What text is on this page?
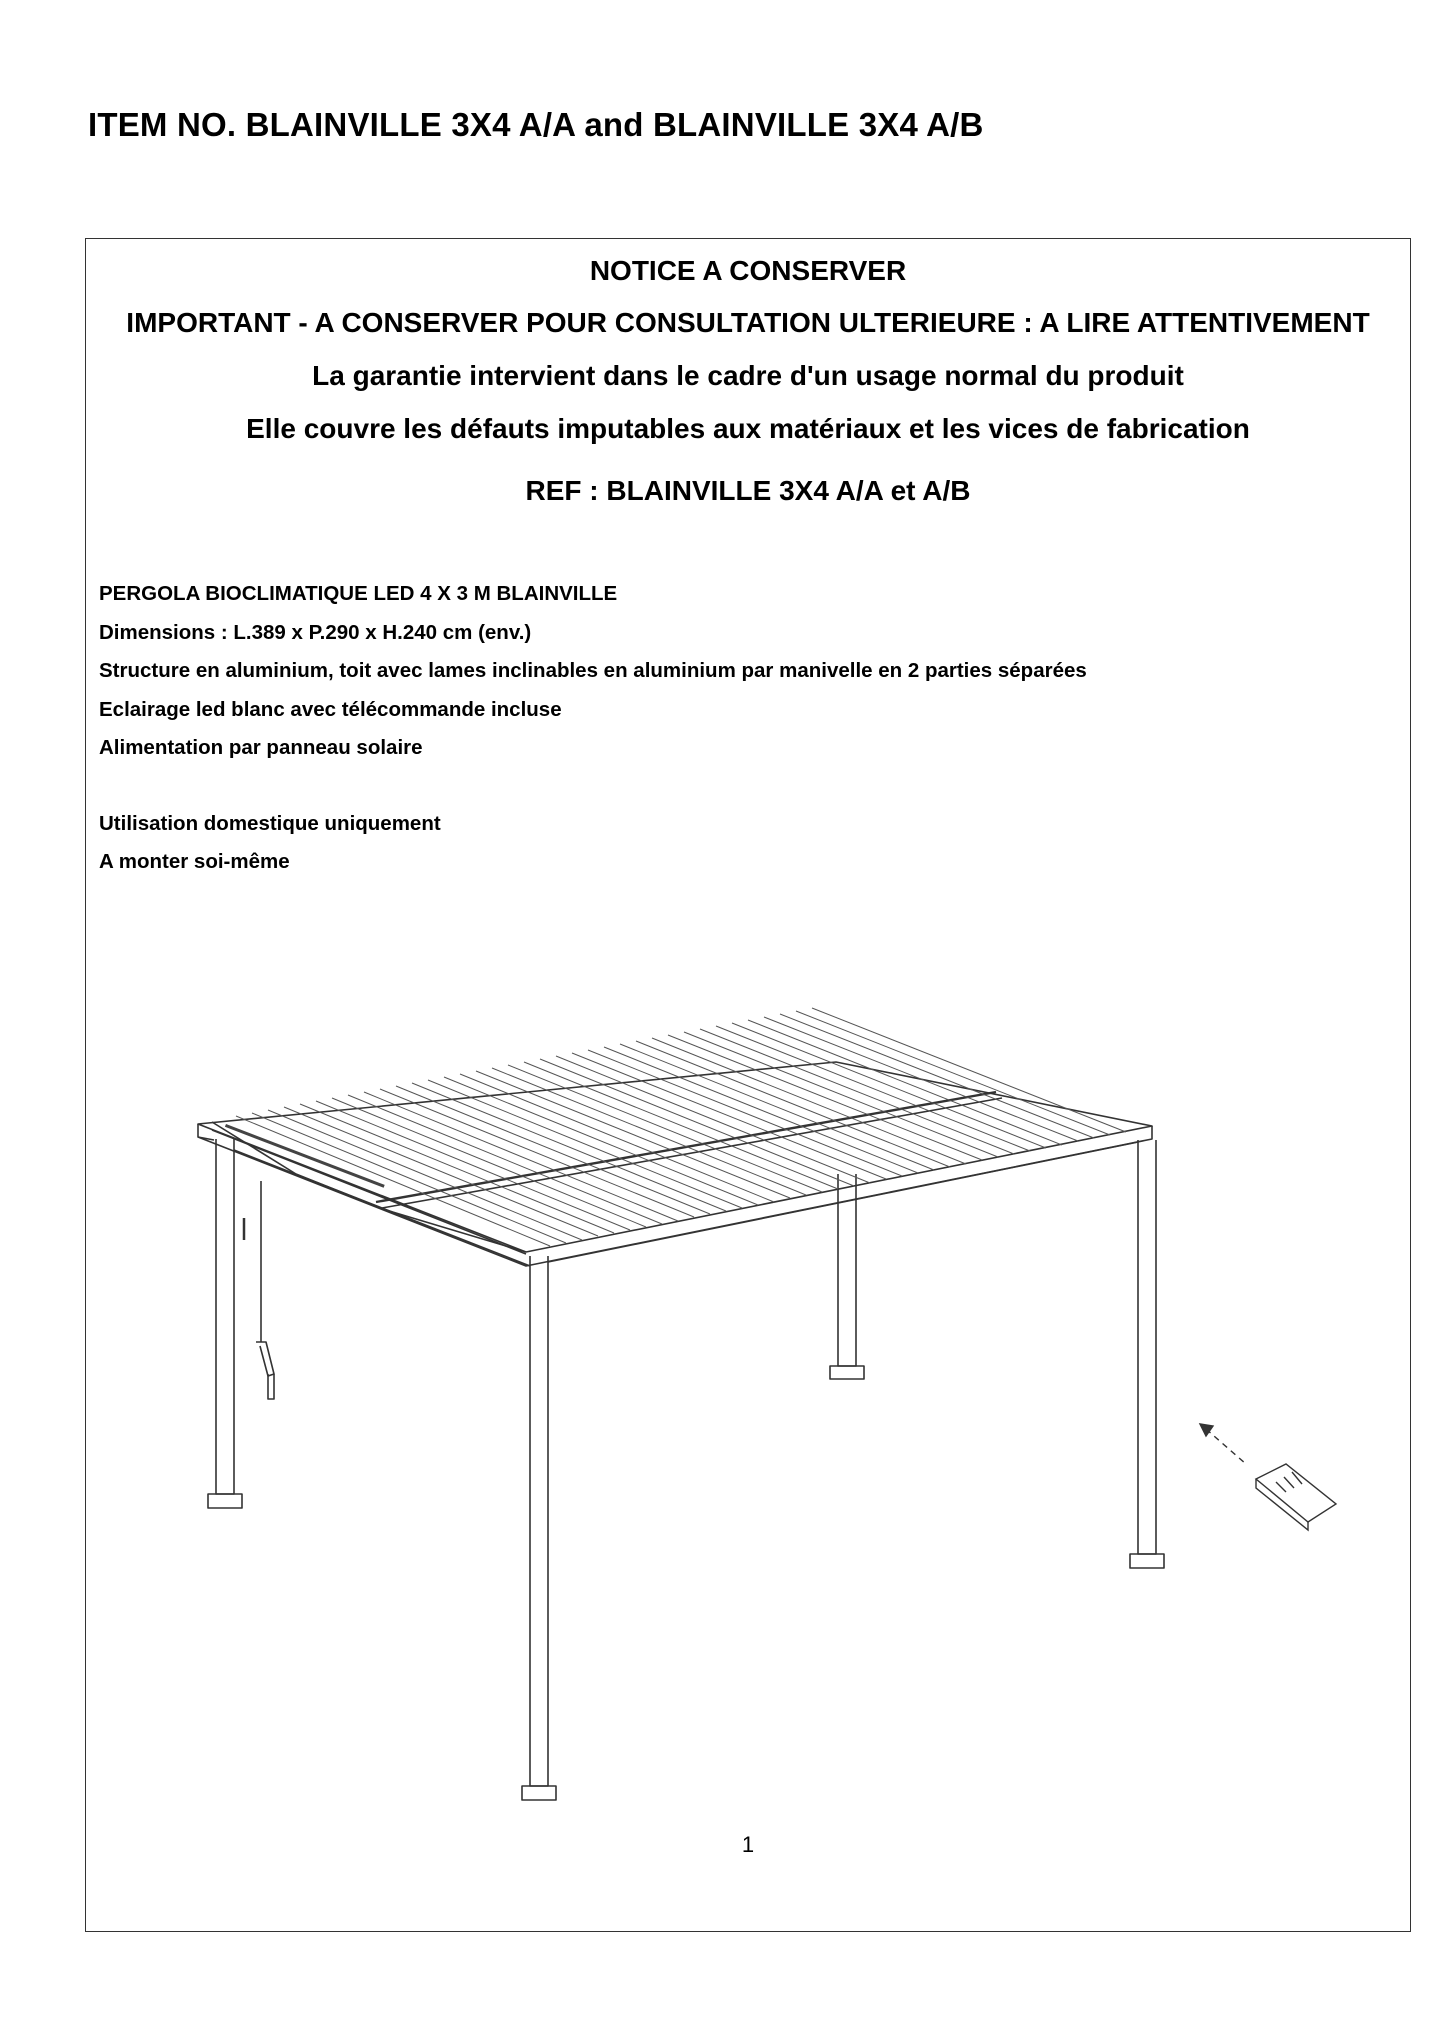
ITEM NO. BLAINVILLE 3X4 A/A and BLAINVILLE 3X4 A/B
NOTICE A CONSERVER
IMPORTANT - A CONSERVER POUR CONSULTATION ULTERIEURE : A LIRE ATTENTIVEMENT
La garantie intervient dans le cadre d'un usage normal du produit
Elle couvre les défauts imputables aux matériaux et les vices de fabrication
REF : BLAINVILLE 3X4 A/A et A/B
PERGOLA BIOCLIMATIQUE LED 4 X 3 M BLAINVILLE
Dimensions : L.389 x P.290 x H.240 cm (env.)
Structure en aluminium, toit avec lames inclinables en aluminium par manivelle en 2 parties séparées
Eclairage led blanc avec télécommande incluse
Alimentation par panneau solaire
Utilisation domestique uniquement
A monter soi-même
1
